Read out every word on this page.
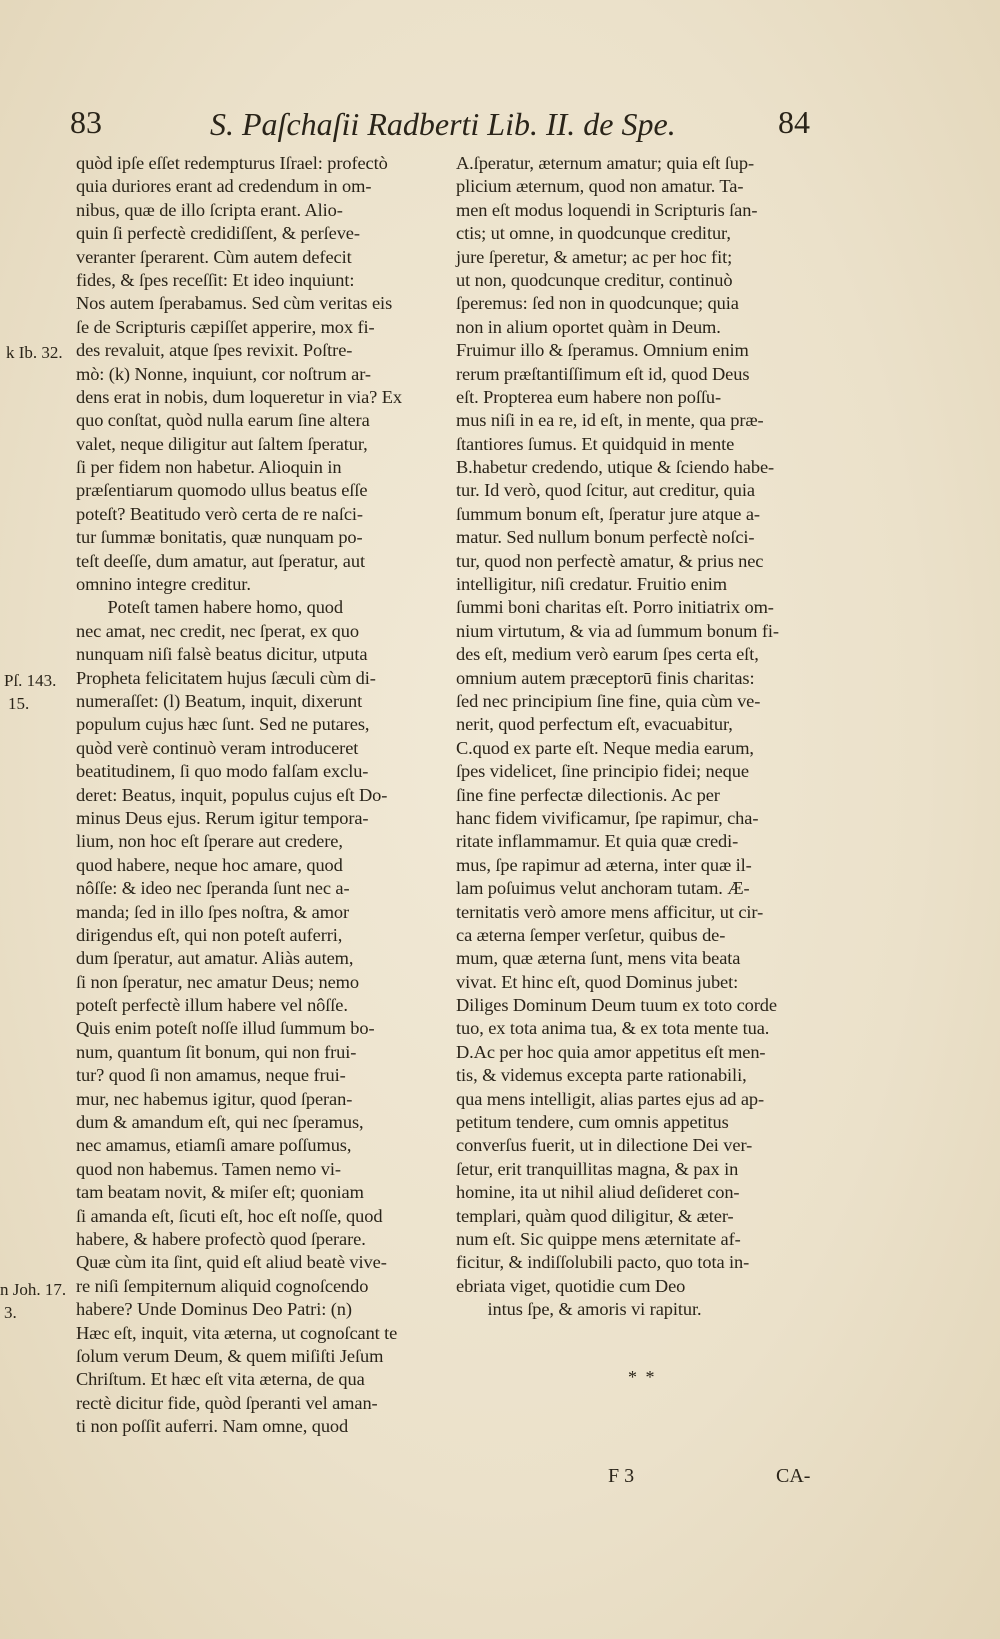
83	S. Paſchaſii Radberti Lib. II. de Spe.	84
quòd ipſe eſſet redempturus Iſrael: profectò
quia duriores erant ad credendum in om-
nibus, quæ de illo ſcripta erant. Alio-
quin ſi perfectè credidiſſent, & perſeve-
veranter ſperarent. Cùm autem defecit
fides, & ſpes receſſit: Et ideo inquiunt:
Nos autem ſperabamus. Sed cùm veritas eis
ſe de Scripturis cæpiſſet apperire, mox fi-
des revaluit, atque ſpes revixit. Poſtre-
mò: (k) Nonne, inquiunt, cor noſtrum ar-
dens erat in nobis, dum loqueretur in via? Ex
quo conſtat, quòd nulla earum ſine altera
valet, neque diligitur aut ſaltem ſperatur,
ſi per fidem non habetur. Alioquin in
præſentiarum quomodo ullus beatus eſſe
poteſt? Beatitudo verò certa de re naſci-
tur ſummæ bonitatis, quæ nunquam po-
teſt deeſſe, dum amatur, aut ſperatur, aut
omnino integre creditur.
Poteſt tamen habere homo, quod
nec amat, nec credit, nec ſperat, ex quo
nunquam niſi falsè beatus dicitur, utputa
Propheta felicitatem hujus ſæculi cùm di-
numeraſſet: (l) Beatum, inquit, dixerunt
populum cujus hæc ſunt. Sed ne putares,
quòd verè continuò veram introduceret
beatitudinem, ſi quo modo falſam exclu-
deret: Beatus, inquit, populus cujus eſt Do-
minus Deus ejus. Rerum igitur tempora-
lium, non hoc eſt ſperare aut credere,
quod habere, neque hoc amare, quod
nôſſe: & ideo nec ſperanda ſunt nec a-
manda; ſed in illo ſpes noſtra, & amor
dirigendus eſt, qui non poteſt auferri,
dum ſperatur, aut amatur. Aliàs autem,
ſi non ſperatur, nec amatur Deus; nemo
poteſt perfectè illum habere vel nôſſe.
Quis enim poteſt noſſe illud ſummum bo-
num, quantum ſit bonum, qui non frui-
tur? quod ſi non amamus, neque frui-
mur, nec habemus igitur, quod ſperan-
dum & amandum eſt, qui nec ſperamus,
nec amamus, etiamſi amare poſſumus,
quod non habemus. Tamen nemo vi-
tam beatam novit, & miſer eſt; quoniam
ſi amanda eſt, ſicuti eſt, hoc eſt noſſe, quod
habere, & habere profectò quod ſperare.
Quæ cùm ita ſint, quid eſt aliud beatè vive-
re niſi ſempiternum aliquid cognoſcendo
habere? Unde Dominus Deo Patri: (n)
Hæc eſt, inquit, vita æterna, ut cognoſcant te
ſolum verum Deum, & quem miſiſti Jeſum
Chriſtum. Et hæc eſt vita æterna, de qua
rectè dicitur fide, quòd ſperanti vel aman-
ti non poſſit auferri. Nam omne, quod
A.ſperatur, æternum amatur; quia eſt ſup-
plicium æternum, quod non amatur. Ta-
men eſt modus loquendi in Scripturis ſan-
ctis; ut omne, in quodcunque creditur,
jure ſperetur, & ametur; ac per hoc fit;
ut non, quodcunque creditur, continuò
ſperemus: ſed non in quodcunque; quia
non in alium oportet quàm in Deum.
Fruimur illo & ſperamus. Omnium enim
rerum præſtantiſſimum eſt id, quod Deus
eſt. Propterea eum habere non poſſu-
mus niſi in ea re, id eſt, in mente, qua præ-
ſtantiores ſumus. Et quidquid in mente
B.habetur credendo, utique & ſciendo habe-
tur. Id verò, quod ſcitur, aut creditur, quia
ſummum bonum eſt, ſperatur jure atque a-
matur. Sed nullum bonum perfectè noſci-
tur, quod non perfectè amatur, & prius nec
intelligitur, niſi credatur. Fruitio enim
ſummi boni charitas eſt. Porro initiatrix om-
nium virtutum, & via ad ſummum bonum fi-
des eſt, medium verò earum ſpes certa eſt,
omnium autem præceptorū finis charitas:
ſed nec principium ſine fine, quia cùm ve-
nerit, quod perfectum eſt, evacuabitur,
C.quod ex parte eſt. Neque media earum,
ſpes videlicet, ſine principio fidei; neque
ſine fine perfectæ dilectionis. Ac per
hanc fidem vivificamur, ſpe rapimur, cha-
ritate inflammamur. Et quia quæ credi-
mus, ſpe rapimur ad æterna, inter quæ il-
lam poſuimus velut anchoram tutam. Æ-
ternitatis verò amore mens afficitur, ut cir-
ca æterna ſemper verſetur, quibus de-
mum, quæ æterna ſunt, mens vita beata
vivat. Et hinc eſt, quod Dominus jubet:
Diliges Dominum Deum tuum ex toto corde
tuo, ex tota anima tua, & ex tota mente tua.
D.Ac per hoc quia amor appetitus eſt men-
tis, & videmus excepta parte rationabili,
qua mens intelligit, alias partes ejus ad ap-
petitum tendere, cum omnis appetitus
converſus fuerit, ut in dilectione Dei ver-
ſetur, erit tranquillitas magna, & pax in
homine, ita ut nihil aliud deſideret con-
templari, quàm quod diligitur, & æter-
num eſt. Sic quippe mens æternitate af-
ficitur, & indiſſolubili pacto, quo tota in-
ebriata viget, quotidie cum Deo
intus ſpe, & amoris vi rapitur.
k Ib. 32.
Pſ. 143.
15.
n Joh. 17.
3.
* *
F 3	CA-
